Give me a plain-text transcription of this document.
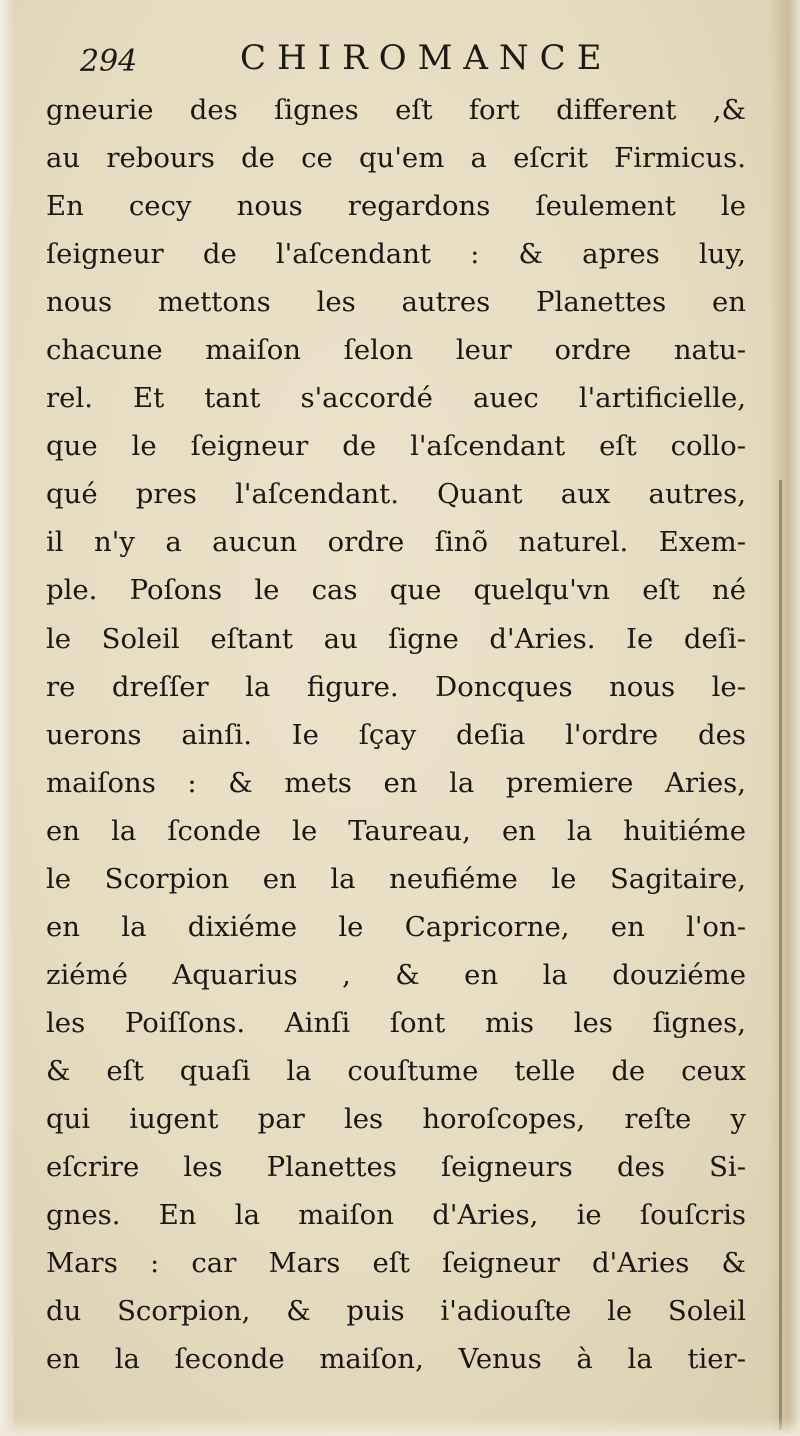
294	CHIROMANCE
gneurie des ſignes eſt fort different ,&
au rebours de ce qu'em a eſcrit Firmicus.
En cecy nous regardons ſeulement le
ſeigneur de l'aſcendant : & apres luy,
nous mettons les autres Planettes en
chacune maiſon ſelon leur ordre natu-
rel. Et tant s'accordé auec l'artificielle,
que le ſeigneur de l'aſcendant eſt collo-
qué pres l'aſcendant. Quant aux autres,
il n'y a aucun ordre ſinõ naturel. Exem-
ple. Poſons le cas que quelqu'vn eſt né
le Soleil eſtant au ſigne d'Aries. Ie deſi-
re dreſſer la figure. Doncques nous le-
uerons ainſi. Ie ſçay deſia l'ordre des
maiſons : & mets en la premiere Aries,
en la ſconde le Taureau, en la huitiéme
le Scorpion en la neufiéme le Sagitaire,
en la dixiéme le Capricorne, en l'on-
ziémé Aquarius , & en la douziéme
les Poiſſons. Ainſi ſont mis les ſignes,
& eſt quaſi la couſtume telle de ceux
qui iugent par les horoſcopes, reſte y
eſcrire les Planettes ſeigneurs des Si-
gnes. En la maiſon d'Aries, ie ſouſcris
Mars : car Mars eſt ſeigneur d'Aries &
du Scorpion, & puis i'adiouſte le Soleil
en la ſeconde maiſon, Venus à la tier-
